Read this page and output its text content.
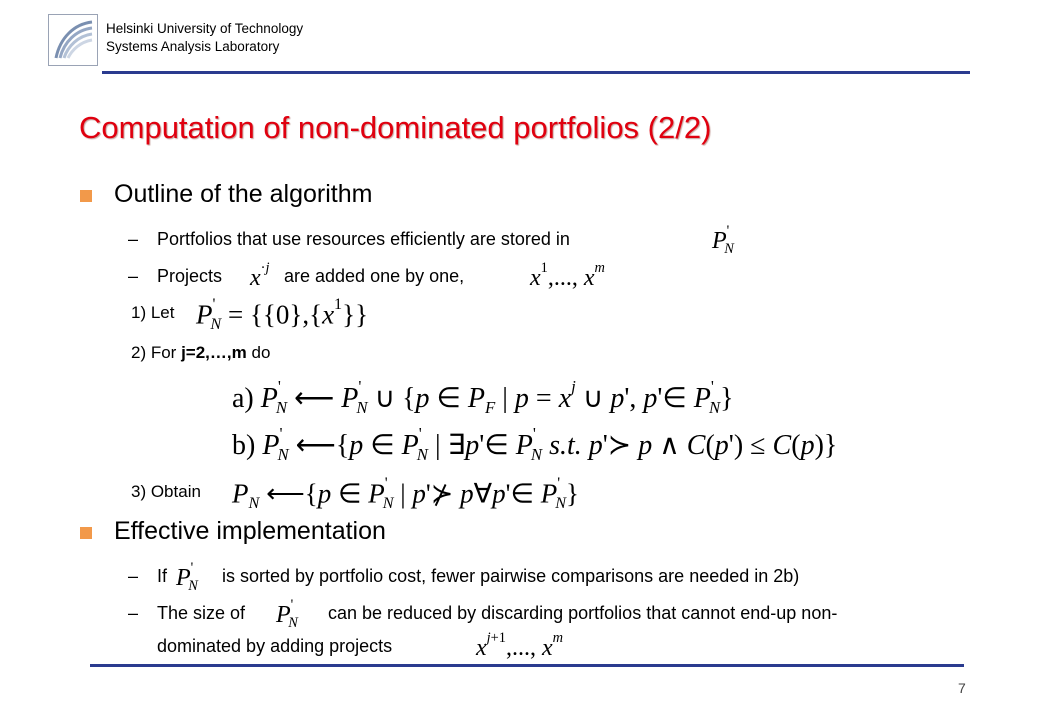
Helsinki University of Technology
Systems Analysis Laboratory
Computation of non-dominated portfolios (2/2)
Outline of the algorithm
– Portfolios that use resources efficiently are stored in	$P'_N$
– Projects $x^{\cdot j}$ are added one by one,	$x^1$,..., $x^m$
1) Let $P'_N = \{\{0\},\{x^1\}\}$
2) For j=2,…,m do
a) $P'_N$ ⟵ $P'_N$ ∪ {p ∈ $P_F$ | $p = x^j$ ∪ p', p'∈ $P'_N$}
b) $P'_N$ ⟵{p ∈ $P'_N$ | ∃p'∈ $P'_N$ s.t. p'≻ p ∧ C(p') ≤ C(p)}
3) Obtain $P_N$ ⟵{p ∈ $P'_N$ | p'⊁ p∀p'∈ $P'_N$}
Effective implementation
– If $P'_N$ is sorted by portfolio cost, fewer pairwise comparisons are needed in 2b)
– The size of $P'_N$ can be reduced by discarding portfolios that cannot end-up non-
dominated by adding projects	$x^{j+1}$,..., $x^m$
7
